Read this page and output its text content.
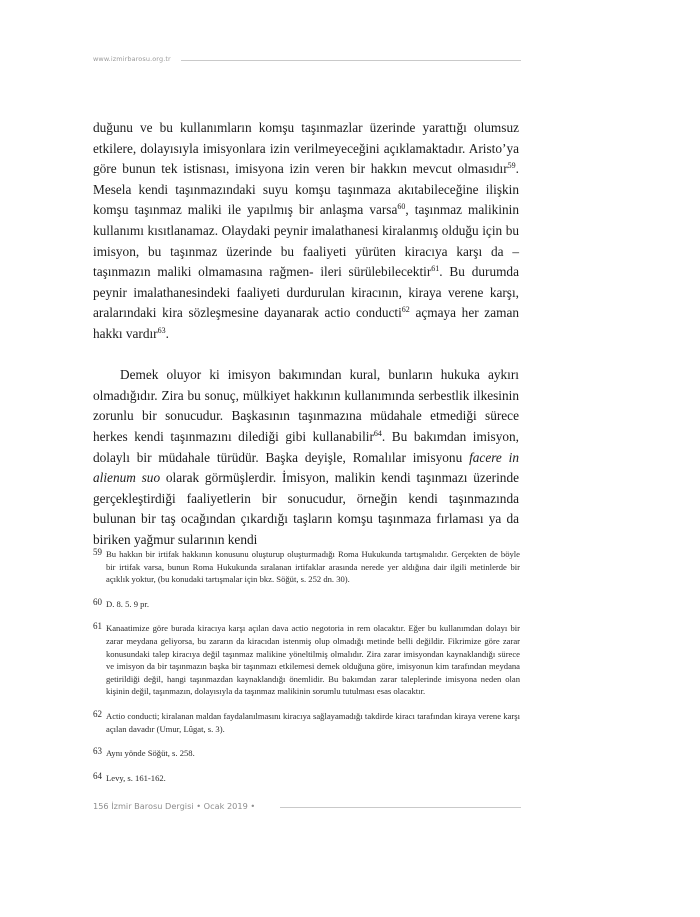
www.izmirbarosu.org.tr

duğunu ve bu kullanımların komşu taşınmazlar üzerinde yarattığı olumsuz etkilere, dolayısıyla imisyonlara izin verilmeyeceğini açıklamaktadır. Aristo’ya göre bunun tek istisnası, imisyona izin veren bir hakkın mevcut olmasıdır$^{59}$. Mesela kendi taşınmazındaki suyu komşu taşınmaza akıtabileceğine ilişkin komşu taşınmaz maliki ile yapılmış bir anlaşma varsa$^{60}$, taşınmaz malikinin kullanımı kısıtlanamaz. Olaydaki peynir imalathanesi kiralanmış olduğu için bu imisyon, bu taşınmaz üzerinde bu faaliyeti yürüten kiracıya karşı da –taşınmazın maliki olmamasına rağmen- ileri sürülebilecektir$^{61}$. Bu durumda peynir imalathanesindeki faaliyeti durdurulan kiracının, kiraya verene karşı, aralarındaki kira sözleşmesine dayanarak actio conducti$^{62}$ açmaya her zaman hakkı vardır$^{63}$.

Demek oluyor ki imisyon bakımından kural, bunların hukuka aykırı olmadığıdır. Zira bu sonuç, mülkiyet hakkının kullanımında serbestlik ilkesinin zorunlu bir sonucudur. Başkasının taşınmazına müdahale etmediği sürece herkes kendi taşınmazını dilediği gibi kullanabilir$^{64}$. Bu bakımdan imisyon, dolaylı bir müdahale türüdür. Başka deyişle, Romalılar imisyonu facere in alienum suo olarak görmüşlerdir. İmisyon, malikin kendi taşınmazı üzerinde gerçekleştirdiği faaliyetlerin bir sonucudur, örneğin kendi taşınmazında bulunan bir taş ocağından çıkardığı taşların komşu taşınmaza fırlaması ya da biriken yağmur sularının kendi

59 Bu hakkın bir irtifak hakkının konusunu oluşturup oluşturmadığı Roma Hukukunda tartışmalıdır. Gerçekten de böyle bir irtifak varsa, bunun Roma Hukukunda sıralanan irtifaklar arasında nerede yer aldığına dair ilgili metinlerde bir açıklık yoktur, (bu konudaki tartışmalar için bkz. Söğüt, s. 252 dn. 30).
60 D. 8. 5. 9 pr.
61 Kanaatimize göre burada kiracıya karşı açılan dava actio negotoria in rem olacaktır. Eğer bu kullanımdan dolayı bir zarar meydana geliyorsa, bu zararın da kiracıdan istenmiş olup olmadığı metinde belli değildir. Fikrimize göre zarar konusundaki talep kiracıya değil taşınmaz malikine yöneltilmiş olmalıdır. Zira zarar imisyondan kaynaklandığı sürece ve imisyon da bir taşınmazın başka bir taşınmazı etkilemesi demek olduğuna göre, imisyonun kim tarafından meydana getirildiği değil, hangi taşınmazdan kaynaklandığı önemlidir. Bu bakımdan zarar taleplerinde imisyona neden olan kişinin değil, taşınmazın, dolayısıyla da taşınmaz malikinin sorumlu tutulması esas olacaktır.
62 Actio conducti; kiralanan maldan faydalanılmasını kiracıya sağlayamadığı takdirde kiracı tarafından kiraya verene karşı açılan davadır (Umur, Lûgat, s. 3).
63 Aynı yönde Söğüt, s. 258.
64 Levy, s. 161-162.
156 İzmir Barosu Dergisi • Ocak 2019 •
